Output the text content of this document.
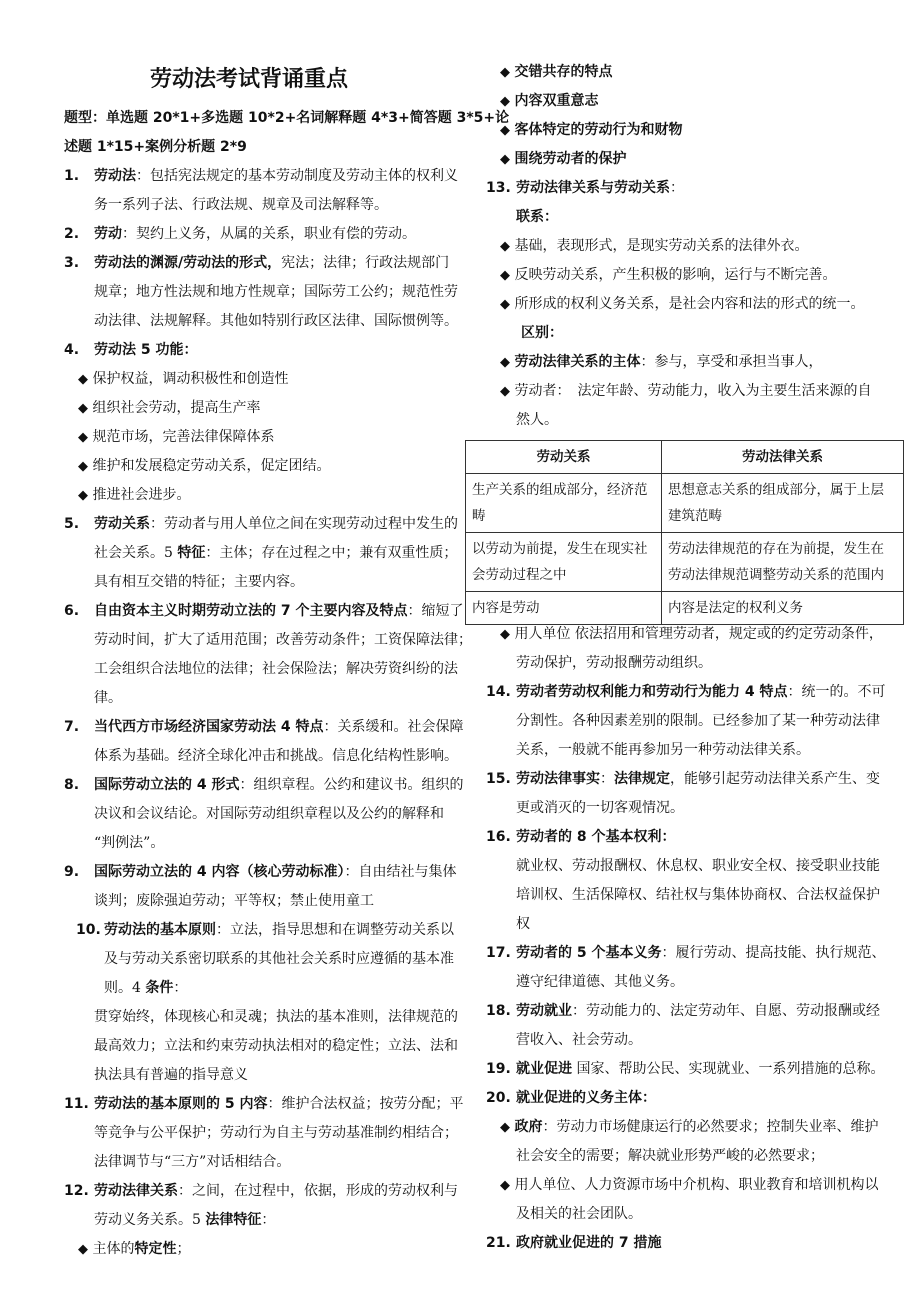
劳动法考试背诵重点
题型：单选题 20*1+多选题 10*2+名词解释题 4*3+简答题 3*5+论
述题 1*15+案例分析题 2*9
1. 劳动法：包括宪法规定的基本劳动制度及劳动主体的权利义
务一系列子法、行政法规、规章及司法解释等。
2. 劳动：契约上义务，从属的关系，职业有偿的劳动。
3. 劳动法的渊源/劳动法的形式，宪法；法律；行政法规部门
规章；地方性法规和地方性规章；国际劳工公约；规范性劳
动法律、法规解释。其他如特别行政区法律、国际惯例等。
4. 劳动法 5 功能：
◆ 保护权益，调动积极性和创造性
◆ 组织社会劳动，提高生产率
◆ 规范市场，完善法律保障体系
◆ 维护和发展稳定劳动关系，促定团结。
◆ 推进社会进步。
5. 劳动关系：劳动者与用人单位之间在实现劳动过程中发生的
社会关系。5 特征：主体；存在过程之中；兼有双重性质；
具有相互交错的特征；主要内容。
6. 自由资本主义时期劳动立法的 7 个主要内容及特点：缩短了
劳动时间，扩大了适用范围；改善劳动条件；工资保障法律；
工会组织合法地位的法律；社会保险法；解决劳资纠纷的法
律。
7. 当代西方市场经济国家劳动法 4 特点：关系缓和。社会保障
体系为基础。经济全球化冲击和挑战。信息化结构性影响。
8. 国际劳动立法的 4 形式：组织章程。公约和建议书。组织的
决议和会议结论。对国际劳动组织章程以及公约的解释和
“判例法”。
9. 国际劳动立法的 4 内容（核心劳动标准）：自由结社与集体
谈判；废除强迫劳动；平等权；禁止使用童工
10. 劳动法的基本原则：立法，指导思想和在调整劳动关系以
及与劳动关系密切联系的其他社会关系时应遵循的基本准
则。4 条件：
贯穿始终，体现核心和灵魂；执法的基本准则，法律规范的
最高效力；立法和约束劳动执法相对的稳定性；立法、法和
执法具有普遍的指导意义
11. 劳动法的基本原则的 5 内容：维护合法权益；按劳分配；平
等竞争与公平保护；劳动行为自主与劳动基准制约相结合；
法律调节与“三方”对话相结合。
12. 劳动法律关系：之间，在过程中，依据，形成的劳动权利与
劳动义务关系。5 法律特征：
◆ 主体的特定性；
◆ 交错共存的特点
◆ 内容双重意志
◆ 客体特定的劳动行为和财物
◆ 围绕劳动者的保护
13. 劳动法律关系与劳动关系：
联系：
◆ 基础，表现形式，是现实劳动关系的法律外衣。
◆ 反映劳动关系，产生积极的影响，运行与不断完善。
◆ 所形成的权利义务关系，是社会内容和法的形式的统一。
区别：
◆ 劳动法律关系的主体：参与，享受和承担当事人，
◆ 劳动者：　法定年龄、劳动能力，收入为主要生活来源的自
然人。
劳动关系	劳动法律关系
生产关系的组成部分，经济范畴	思想意志关系的组成部分，属于上层建筑范畴
以劳动为前提，发生在现实社会劳动过程之中	劳动法律规范的存在为前提，发生在劳动法律规范调整劳动关系的范围内
内容是劳动	内容是法定的权利义务
◆ 用人单位 依法招用和管理劳动者，规定或的约定劳动条件，
劳动保护，劳动报酬劳动组织。
14. 劳动者劳动权利能力和劳动行为能力 4 特点：统一的。不可
分割性。各种因素差别的限制。已经参加了某一种劳动法律
关系，一般就不能再参加另一种劳动法律关系。
15. 劳动法律事实：法律规定，能够引起劳动法律关系产生、变
更或消灭的一切客观情况。
16. 劳动者的 8 个基本权利：
就业权、劳动报酬权、休息权、职业安全权、接受职业技能
培训权、生活保障权、结社权与集体协商权、合法权益保护
权
17. 劳动者的 5 个基本义务：履行劳动、提高技能、执行规范、
遵守纪律道德、其他义务。
18. 劳动就业：劳动能力的、法定劳动年、自愿、劳动报酬或经
营收入、社会劳动。
19. 就业促进 国家、帮助公民、实现就业、一系列措施的总称。
20. 就业促进的义务主体：
◆ 政府：劳动力市场健康运行的必然要求；控制失业率、维护
社会安全的需要；解决就业形势严峻的必然要求；
◆ 用人单位、人力资源市场中介机构、职业教育和培训机构以
及相关的社会团队。
21. 政府就业促进的 7 措施
